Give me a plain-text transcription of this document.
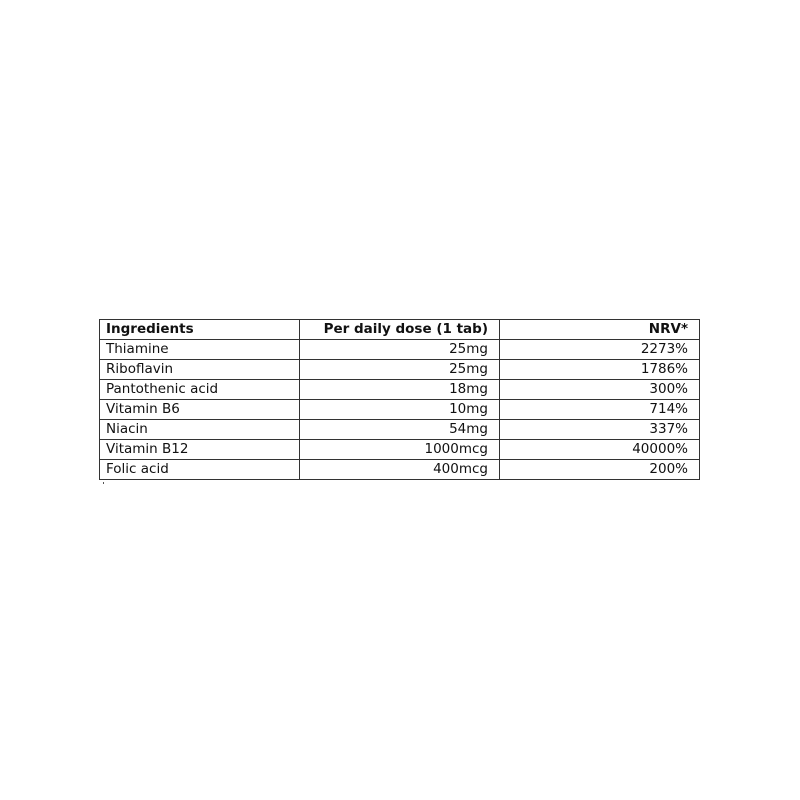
Ingredients	Per daily dose (1 tab)	NRV*
Thiamine	25mg	2273%
Riboflavin	25mg	1786%
Pantothenic acid	18mg	300%
Vitamin B6	10mg	714%
Niacin	54mg	337%
Vitamin B12	1000mcg	40000%
Folic acid	400mcg	200%
